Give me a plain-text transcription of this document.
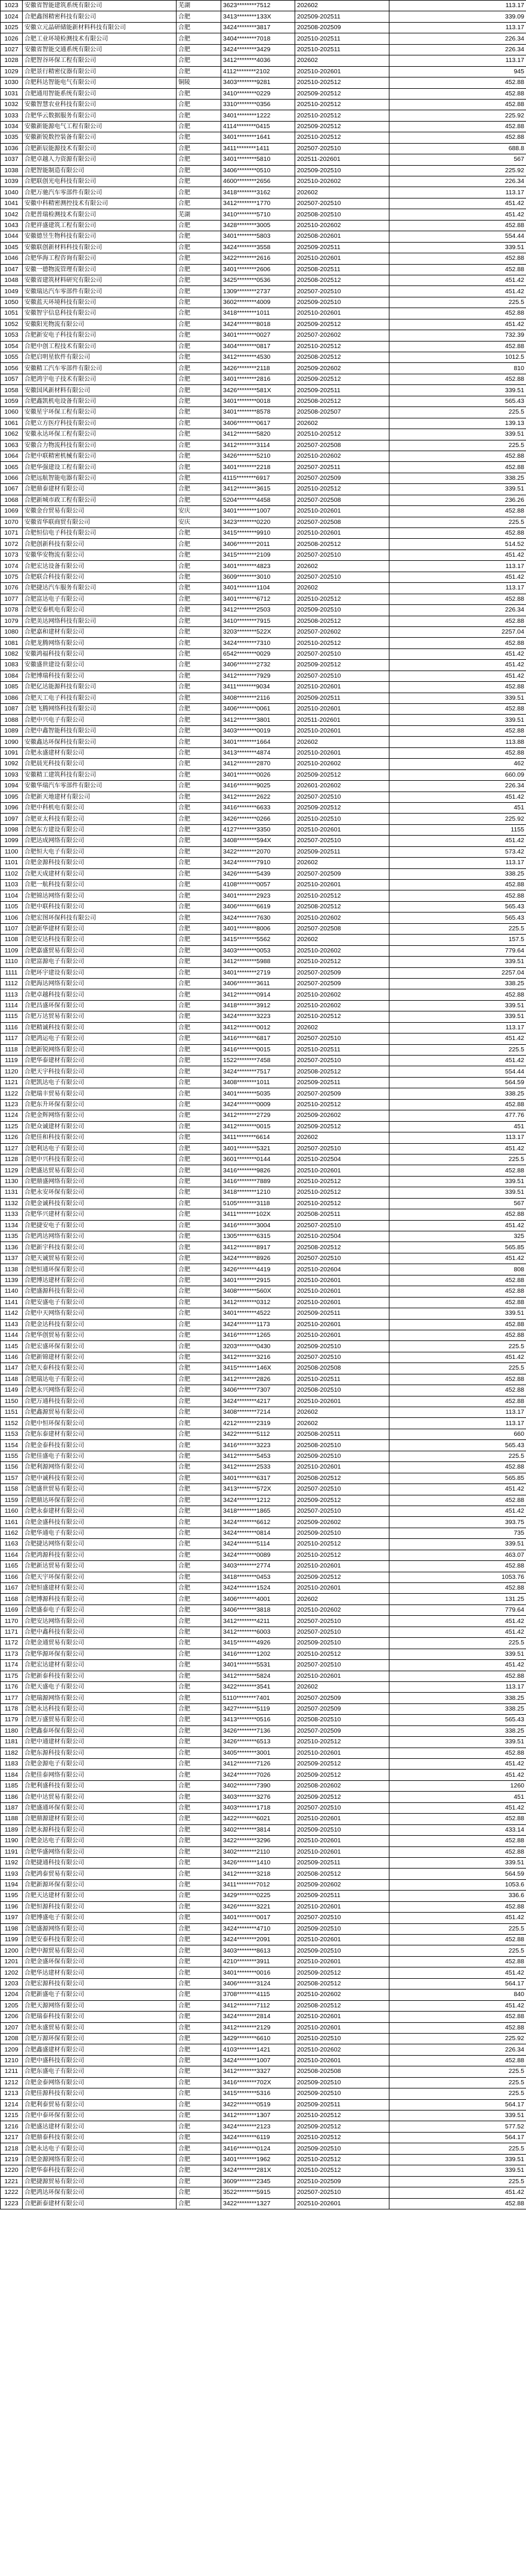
1023	安徽省智能建筑系统有限公司	芜湖	3623********7512	202602	113.17
1024	合肥鑫图精密科技有限公司	合肥	3413********133X	202509-202511	339.09
1025	安徽立元晶研储能新材料科技有限公司	合肥	3424********3817	202508-202509	113.17
1026	合肥工业环境检测技术有限公司	合肥	3404********7018	202510-202511	226.34
1027	安徽省智能交通系统有限公司	合肥	3424********3429	202510-202511	226.34
1028	合肥智谷环保工程有限公司	合肥	3412********4036	202602	113.17
1029	合肥景行精密仪器有限公司	合肥	4112********2102	202510-202601	945
1030	合肥科达智能电气有限公司	铜陵	3403********9281	202510-202512	452.88
1031	合肥通用智能系统有限公司	合肥	3410********0229	202509-202512	452.88
1032	安徽智慧农业科技有限公司	合肥	3310********0356	202510-202512	452.88
1033	合肥华云数据服务有限公司	合肥	3401********1222	202510-202512	225.92
1034	安徽新能源电气工程有限公司	合肥	4114********0415	202509-202512	452.88
1035	安徽新锐数控装备有限公司	合肥	3401********1641	202510-202512	452.88
1036	合肥新辰能源技术有限公司	合肥	3411********1411	202507-202510	688.8
1037	合肥卓越人力资源有限公司	合肥	3401********5810	202511-202601	567
1038	合肥智能制造有限公司	合肥	3406********0510	202509-202510	225.92
1039	合肥联创光电科技有限公司	合肥	4600********2656	202510-202602	226.34
1040	合肥万驰汽车零部件有限公司	合肥	3418********3162	202602	113.17
1041	安徽中科精密测控技术有限公司	合肥	3412********1770	202507-202510	451.42
1042	合肥普瑞检测技术有限公司	芜湖	3410********5710	202508-202510	451.42
1043	合肥祥盛建筑工程有限公司	合肥	3428********3005	202510-202602	452.88
1044	安徽德昱生物科技有限公司	合肥	3401********5803	202508-202601	554.44
1045	安徽联创新材料科技有限公司	合肥	3424********3558	202509-202511	339.51
1046	合肥华海工程咨询有限公司	合肥	3422********2616	202510-202601	452.88
1047	安徽一德物流管理有限公司	合肥	3401********2606	202508-202511	452.88
1048	安徽省建筑材料研究有限公司	合肥	3425********0536	202508-202512	451.42
1049	安徽瑞达汽车零部件有限公司	合肥	1309********2737	202507-202510	451.42
1050	安徽蓝天环境科技有限公司	合肥	3602********4009	202509-202510	225.5
1051	安徽智宇信息科技有限公司	合肥	3418********1011	202510-202601	452.88
1052	安徽阳光物流有限公司	合肥	3424********8018	202509-202512	451.42
1053	合肥新安电子科技有限公司	合肥	3401********0027	202507-202602	732.39
1054	合肥中创工程技术有限公司	合肥	3404********0817	202510-202512	452.88
1055	合肥启明星软件有限公司	合肥	3412********4530	202508-202512	1012.5
1056	安徽精工汽车零部件有限公司	合肥	3426********2118	202509-202602	810
1057	合肥鸿宇电子技术有限公司	合肥	3401********2816	202509-202512	452.88
1058	安徽国风新材料有限公司	合肥	3426********581X	202509-202511	339.51
1059	合肥鑫凯机电设备有限公司	合肥	3401********0018	202508-202512	565.43
1060	安徽星宇环保工程有限公司	合肥	3401********8578	202508-202507	225.5
1061	合肥立方医疗科技有限公司	合肥	3406********0617	202602	139.13
1062	安徽永达环保工程有限公司	合肥	3412********5820	202510-202512	339.51
1063	安徽合力物流科技有限公司	合肥	3412********3114	202507-202508	225.5
1064	合肥中联精密机械有限公司	合肥	3426********5210	202510-202602	452.88
1065	合肥华强建设工程有限公司	合肥	3401********2218	202507-202511	452.88
1066	合肥远航智能电器有限公司	合肥	4115********6917	202507-202509	338.25
1067	合肥鼎泰建材有限公司	合肥	3412********3615	202510-202512	339.51
1068	合肥新城市政工程有限公司	合肥	5204********4458	202507-202508	236.26
1069	安徽金台贸易有限公司	安庆	3401********1007	202510-202601	452.88
1070	安徽省华联商贸有限公司	安庆	3423********0220	202507-202508	225.5
1071	合肥恒信电子科技有限公司	合肥	3415********9910	202510-202601	452.88
1072	合肥创新科技有限公司	合肥	3406********2011	202508-202512	514.52
1073	安徽华安物流有限公司	合肥	3415********2109	202507-202510	451.42
1074	合肥宏达设备有限公司	合肥	3401********4823	202602	113.17
1075	合肥联合科技有限公司	合肥	3609********3010	202507-202510	451.42
1076	合肥捷达汽车服务有限公司	合肥	3401********1104	202602	113.17
1077	合肥富达电子有限公司	合肥	3401********6712	202510-202512	452.88
1078	合肥安泰机电有限公司	合肥	3412********2503	202509-202510	226.34
1079	合肥美达网络科技有限公司	合肥	3410********7915	202508-202512	452.88
1080	合肥嘉和建材有限公司	合肥	3203********522X	202507-202602	2257.04
1081	合肥龙腾网络有限公司	合肥	3424********7310	202510-202512	452.88
1082	安徽鸿福科技有限公司	合肥	6542********0029	202507-202510	451.42
1083	安徽盛世建设有限公司	合肥	3406********2732	202509-202512	451.42
1084	合肥博瑞科技有限公司	合肥	3412********7929	202507-202510	451.42
1085	合肥亿达能源科技有限公司	合肥	3411********9034	202510-202601	452.88
1086	合肥天工电子科技有限公司	合肥	3408********2116	202509-202511	339.51
1087	合肥飞腾网络科技有限公司	合肥	3406********0061	202510-202601	452.88
1088	合肥中兴电子有限公司	合肥	3412********3801	202511-202601	339.51
1089	合肥中鑫智能科技有限公司	合肥	3403********0019	202510-202601	452.88
1090	安徽鑫达环保科技有限公司	合肥	3401********1664	202602	113.88
1091	合肥永盛建材有限公司	合肥	3413********4874	202510-202601	452.88
1092	合肥晨光科技有限公司	合肥	3412********2870	202510-202602	462
1093	安徽精工建筑科技有限公司	合肥	3401********0026	202509-202512	660.09
1094	安徽华瑞汽车零部件有限公司	合肥	3416********9025	202601-202602	226.34
1095	合肥新天地建材有限公司	合肥	3412********2622	202507-202510	451.42
1096	合肥中科机电有限公司	合肥	3416********6633	202509-202512	451
1097	合肥亚太科技有限公司	合肥	3426********0266	202510-202510	225.92
1098	合肥东方建设有限公司	合肥	4127********3350	202510-202601	1155
1099	合肥达成网络有限公司	合肥	3408********594X	202507-202510	451.42
1100	合肥恒大电子有限公司	合肥	3422********2070	202509-202511	573.42
1101	合肥金源科技有限公司	合肥	3424********7910	202602	113.17
1102	合肥天成建材有限公司	合肥	3426********5439	202507-202509	338.25
1103	合肥一航科技有限公司	合肥	4108********0057	202510-202601	452.88
1104	合肥锦达网络有限公司	合肥	3401********2923	202510-202512	452.88
1105	合肥中联科技有限公司	合肥	3406********6619	202508-202512	565.43
1106	合肥宏图环保科技有限公司	合肥	3424********7630	202510-202602	565.43
1107	合肥新华建材有限公司	合肥	3401********8006	202507-202508	225.5
1108	合肥安达科技有限公司	合肥	3415********5562	202602	157.5
1109	合肥嘉盛贸易有限公司	合肥	3403********0053	202510-202602	779.64
1110	合肥富源电子有限公司	合肥	3412********5988	202510-202512	339.51
1111	合肥环宇建设有限公司	合肥	3401********2719	202507-202509	2257.04
1112	合肥海达网络有限公司	合肥	3406********3611	202507-202509	338.25
1113	合肥卓越科技有限公司	合肥	3412********0914	202510-202602	452.88
1114	合肥昌盛环保有限公司	合肥	3418********3912	202510-202602	339.51
1115	合肥万达贸易有限公司	合肥	3424********3223	202510-202512	339.51
1116	合肥精诚科技有限公司	合肥	3412********0012	202602	113.17
1117	合肥鸿运电子有限公司	合肥	3416********6817	202507-202510	451.42
1118	合肥新锐网络有限公司	合肥	3416********0015	202510-202511	225.5
1119	合肥华泰建材有限公司	合肥	1522********7458	202507-202510	451.42
1120	合肥天宇科技有限公司	合肥	3424********7517	202508-202512	554.44
1121	合肥凯达电子有限公司	合肥	3408********1011	202509-202511	564.59
1122	合肥瑞丰贸易有限公司	合肥	3401********5035	202507-202509	338.25
1123	合肥东升环保有限公司	合肥	3424********0009	202510-202512	452.88
1124	合肥金辉网络有限公司	合肥	3412********2729	202509-202602	477.76
1125	合肥众诚建材有限公司	合肥	3412********0015	202509-202512	451
1126	合肥佳和科技有限公司	合肥	3411********6614	202602	113.17
1127	合肥利达电子有限公司	合肥	3401********5321	202507-202510	451.42
1128	合肥中兴科技有限公司	合肥	3601********0144	202510-202504	225.5
1129	合肥盛达贸易有限公司	合肥	3416********9826	202510-202601	452.88
1130	合肥鼎盛网络有限公司	合肥	3416********7889	202510-202512	339.51
1131	合肥永安环保有限公司	合肥	3418********1210	202510-202512	339.51
1132	合肥金诚科技有限公司	合肥	5105********3118	202510-202512	567
1133	合肥华兴建材有限公司	合肥	3411********102X	202508-202511	452.88
1134	合肥捷安电子有限公司	合肥	3416********3004	202507-202510	451.42
1135	合肥鸿达网络有限公司	合肥	1305********6315	202510-202504	325
1136	合肥新宇科技有限公司	合肥	3412********8917	202508-202512	565.85
1137	合肥天诚贸易有限公司	合肥	3424********8926	202507-202510	451.42
1138	合肥恒通环保有限公司	合肥	3426********4419	202510-202604	808
1139	合肥博达建材有限公司	合肥	3401********2915	202510-202601	452.88
1140	合肥盛源科技有限公司	合肥	3408********560X	202510-202601	452.88
1141	合肥安盛电子有限公司	合肥	3412********0312	202510-202601	452.88
1142	合肥中天网络有限公司	合肥	3401********4522	202509-202511	339.51
1143	合肥金达科技有限公司	合肥	3424********1173	202510-202601	452.88
1144	合肥华创贸易有限公司	合肥	3416********1265	202510-202601	452.88
1145	合肥宏盛环保有限公司	合肥	3203********0430	202509-202510	225.5
1146	合肥新锦建材有限公司	合肥	3412********3216	202507-202510	451.42
1147	合肥天泰科技有限公司	合肥	3415********146X	202508-202508	225.5
1148	合肥瑞达电子有限公司	合肥	3412********2826	202510-202511	452.88
1149	合肥永兴网络有限公司	合肥	3406********7307	202508-202510	452.88
1150	合肥万通科技有限公司	合肥	3424********4217	202510-202601	452.88
1151	合肥鑫源贸易有限公司	合肥	3408********7214	202602	113.17
1152	合肥中恒环保有限公司	合肥	4212********2319	202602	113.17
1153	合肥东泰建材有限公司	合肥	3422********5112	202508-202511	660
1154	合肥金泰科技有限公司	合肥	3416********3223	202508-202510	565.43
1155	合肥佳盛电子有限公司	合肥	3412********5453	202509-202510	225.5
1156	合肥利源网络有限公司	合肥	3412********2533	202510-202601	452.88
1157	合肥中诚科技有限公司	合肥	3401********6317	202508-202512	565.85
1158	合肥盛世贸易有限公司	合肥	3413********572X	202507-202510	451.42
1159	合肥鼎达环保有限公司	合肥	3424********1212	202509-202512	452.88
1160	合肥永泰建材有限公司	合肥	3418********1865	202507-202510	451.42
1161	合肥金盛科技有限公司	合肥	3424********6612	202509-202602	393.75
1162	合肥华通电子有限公司	合肥	3424********0814	202509-202510	735
1163	合肥捷达网络有限公司	合肥	3424********5114	202510-202512	339.51
1164	合肥鸿源科技有限公司	合肥	3424********0089	202510-202512	463.07
1165	合肥新达贸易有限公司	合肥	3403********2774	202510-202601	452.88
1166	合肥天宇环保有限公司	合肥	3418********0453	202509-202512	1053.76
1167	合肥恒盛建材有限公司	合肥	3424********1524	202510-202601	452.88
1168	合肥博源科技有限公司	合肥	3406********4001	202602	131.25
1169	合肥盛泰电子有限公司	合肥	3406********3818	202510-202602	779.64
1170	合肥安达网络有限公司	合肥	3412********4211	202507-202510	451.42
1171	合肥中鑫科技有限公司	合肥	3412********6003	202507-202510	451.42
1172	合肥金通贸易有限公司	合肥	3415********4926	202509-202510	225.5
1173	合肥华源环保有限公司	合肥	3416********1202	202510-202512	339.51
1174	合肥宏达建材有限公司	合肥	3401********5531	202507-202510	451.42
1175	合肥新泰科技有限公司	合肥	3412********5824	202510-202601	452.88
1176	合肥天盛电子有限公司	合肥	3422********3541	202602	113.17
1177	合肥瑞源网络有限公司	合肥	5110********7401	202507-202509	338.25
1178	合肥永达科技有限公司	合肥	3427********5119	202507-202509	338.25
1179	合肥万盛贸易有限公司	合肥	3413********0516	202508-202510	565.43
1180	合肥鑫泰环保有限公司	合肥	3426********7136	202507-202509	338.25
1181	合肥中通建材有限公司	合肥	3426********6513	202510-202512	339.51
1182	合肥东源科技有限公司	合肥	3405********3001	202510-202601	452.88
1183	合肥金源电子有限公司	合肥	3412********7126	202509-202512	451.42
1184	合肥佳泰网络有限公司	合肥	3424********7026	202509-202512	451.42
1185	合肥利盛科技有限公司	合肥	3402********7390	202508-202602	1260
1186	合肥中达贸易有限公司	合肥	3403********3276	202509-202512	451
1187	合肥盛通环保有限公司	合肥	3403********1718	202507-202510	451.42
1188	合肥鼎源建材有限公司	合肥	3422********6021	202510-202601	452.88
1189	合肥永源科技有限公司	合肥	3402********3814	202509-202510	433.14
1190	合肥金达电子有限公司	合肥	3422********3296	202510-202601	452.88
1191	合肥华盛网络有限公司	合肥	3402********2110	202510-202601	452.88
1192	合肥捷通科技有限公司	合肥	3426********1410	202509-202511	339.51
1193	合肥鸿泰贸易有限公司	合肥	3412********3218	202508-202512	564.59
1194	合肥新源环保有限公司	合肥	3411********7012	202509-202602	1053.6
1195	合肥天达建材有限公司	合肥	3429********0225	202509-202511	336.6
1196	合肥恒源科技有限公司	合肥	3426********3221	202510-202601	452.88
1197	合肥博盛电子有限公司	合肥	3401********0017	202507-202510	451.42
1198	合肥盛源网络有限公司	合肥	3424********4710	202509-202510	225.5
1199	合肥安泰科技有限公司	合肥	3424********2091	202510-202601	452.88
1200	合肥中源贸易有限公司	合肥	3403********8613	202509-202510	225.5
1201	合肥金盛环保有限公司	合肥	4210********3911	202510-202601	452.88
1202	合肥华达建材有限公司	合肥	3401********0016	202509-202512	451.42
1203	合肥宏源科技有限公司	合肥	3406********3124	202508-202512	564.17
1204	合肥新盛电子有限公司	合肥	3708********4115	202510-202602	840
1205	合肥天源网络有限公司	合肥	3412********7112	202508-202512	451.42
1206	合肥瑞泰科技有限公司	合肥	3424********2814	202510-202601	452.88
1207	合肥永盛贸易有限公司	合肥	3412********2129	202510-202601	452.88
1208	合肥万源环保有限公司	合肥	3429********6610	202510-202510	225.92
1209	合肥鑫盛建材有限公司	合肥	4103********1421	202510-202602	226.34
1210	合肥中盛科技有限公司	合肥	3424********1007	202510-202601	452.88
1211	合肥东盛电子有限公司	合肥	3412********3327	202508-202508	225.5
1212	合肥金泰网络有限公司	合肥	3416********702X	202509-202510	225.5
1213	合肥佳源科技有限公司	合肥	3415********5316	202509-202510	225.5
1214	合肥利泰贸易有限公司	合肥	3422********0519	202509-202511	564.17
1215	合肥中泰环保有限公司	合肥	3412********1307	202510-202512	339.51
1216	合肥盛达建材有限公司	合肥	3424********2123	202509-202512	577.52
1217	合肥鼎泰科技有限公司	合肥	3424********6119	202510-202512	564.17
1218	合肥永达电子有限公司	合肥	3416********0124	202509-202510	225.5
1219	合肥金源网络有限公司	合肥	3401********1962	202510-202512	339.51
1220	合肥华泰科技有限公司	合肥	3424********281X	202510-202512	339.51
1221	合肥捷源贸易有限公司	合肥	3609********2345	202510-202509	225.5
1222	合肥鸿达环保有限公司	合肥	3522********5915	202507-202510	451.42
1223	合肥新泰建材有限公司	合肥	3422********1327	202510-202601	452.88
